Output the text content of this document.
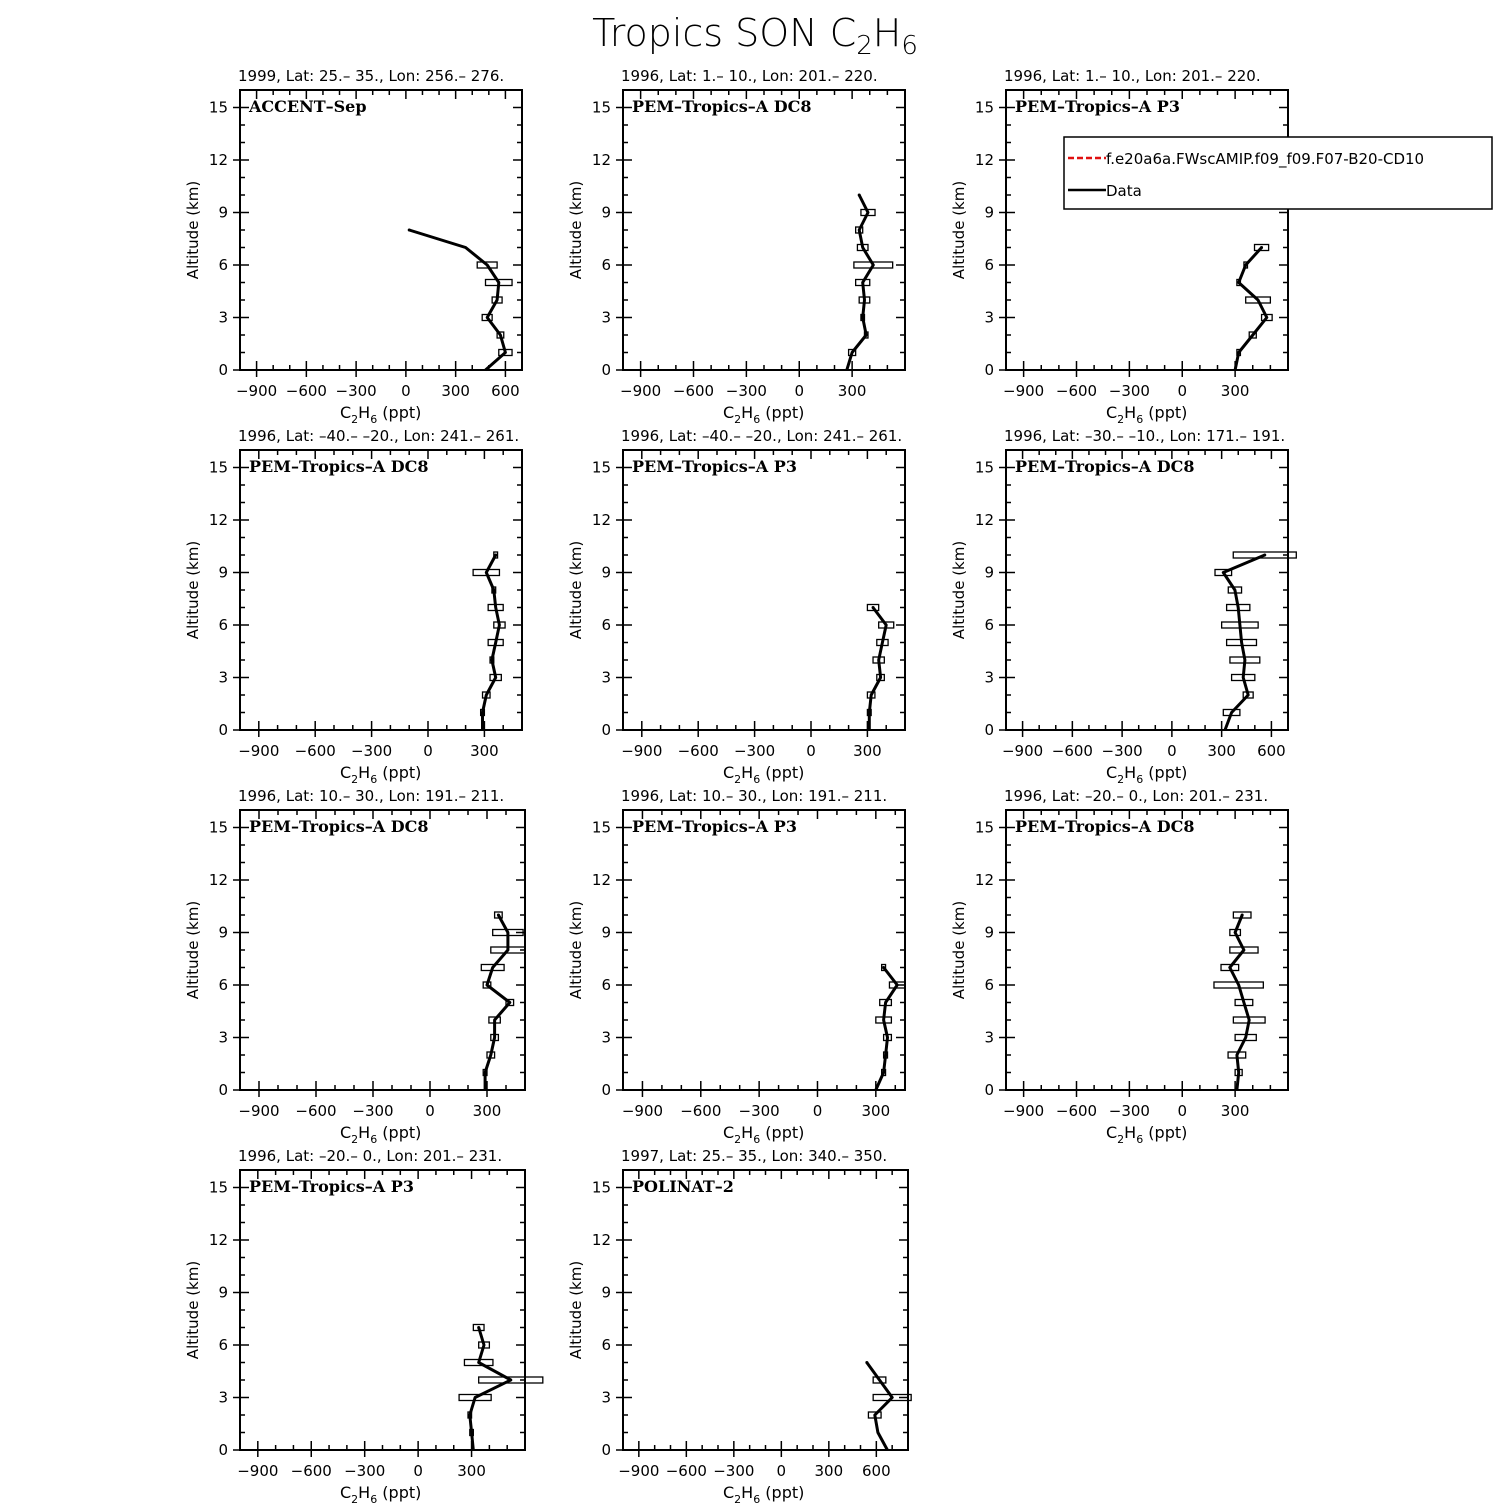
Tropics SON $C_2H_6$
1999, Lat: 25.– 35., Lon: 256.– 276.
ACCENT–Sep
0
3
6
9
12
15
Altitude (km)
−900 −600 −300 0 300 600
$C_2H_6$ (ppt)
1996, Lat: 1.– 10., Lon: 201.– 220.
PEM–Tropics–A DC8
0
3
6
9
12
15
Altitude (km)
−900 −600 −300 0 300
$C_2H_6$ (ppt)
1996, Lat: 1.– 10., Lon: 201.– 220.
PEM–Tropics–A P3
0
3
6
9
12
15
Altitude (km)
−900 −600 −300 0 300
$C_2H_6$ (ppt)
1996, Lat: –40.– –20., Lon: 241.– 261.
PEM–Tropics–A DC8
0
3
6
9
12
15
Altitude (km)
−900 −600 −300 0 300
$C_2H_6$ (ppt)
1996, Lat: –40.– –20., Lon: 241.– 261.
PEM–Tropics–A P3
0
3
6
9
12
15
Altitude (km)
−900 −600 −300 0 300
$C_2H_6$ (ppt)
1996, Lat: –30.– –10., Lon: 171.– 191.
PEM–Tropics–A DC8
0
3
6
9
12
15
Altitude (km)
−900 −600 −300 0 300 600
$C_2H_6$ (ppt)
1996, Lat: 10.– 30., Lon: 191.– 211.
PEM–Tropics–A DC8
0
3
6
9
12
15
Altitude (km)
−900 −600 −300 0	300
$C_2H_6$ (ppt)
1996, Lat: 10.– 30., Lon: 191.– 211.
PEM–Tropics–A P3
0
3
6
9
12
15
Altitude (km)
−900 −600 −300 0	300
$C_2H_6$ (ppt)
1996, Lat: –20.– 0., Lon: 201.– 231.
PEM–Tropics–A DC8
0
3
6
9
12
15
Altitude (km)
−900 −600 −300 0 300
$C_2H_6$ (ppt)
1996, Lat: –20.– 0., Lon: 201.– 231.
PEM–Tropics–A P3
0
3
6
9
12
15
Altitude (km)
−900 −600 −300 0 300
$C_2H_6$ (ppt)
1997, Lat: 25.– 35., Lon: 340.– 350.
POLINAT–2
0
3
6
9
12
15
Altitude (km)
−900 −600 −300 0 300 600
$C_2H_6$ (ppt)
f.e20a6a.FWscAMIP.f09_f09.F07-B20-CD10
Data
